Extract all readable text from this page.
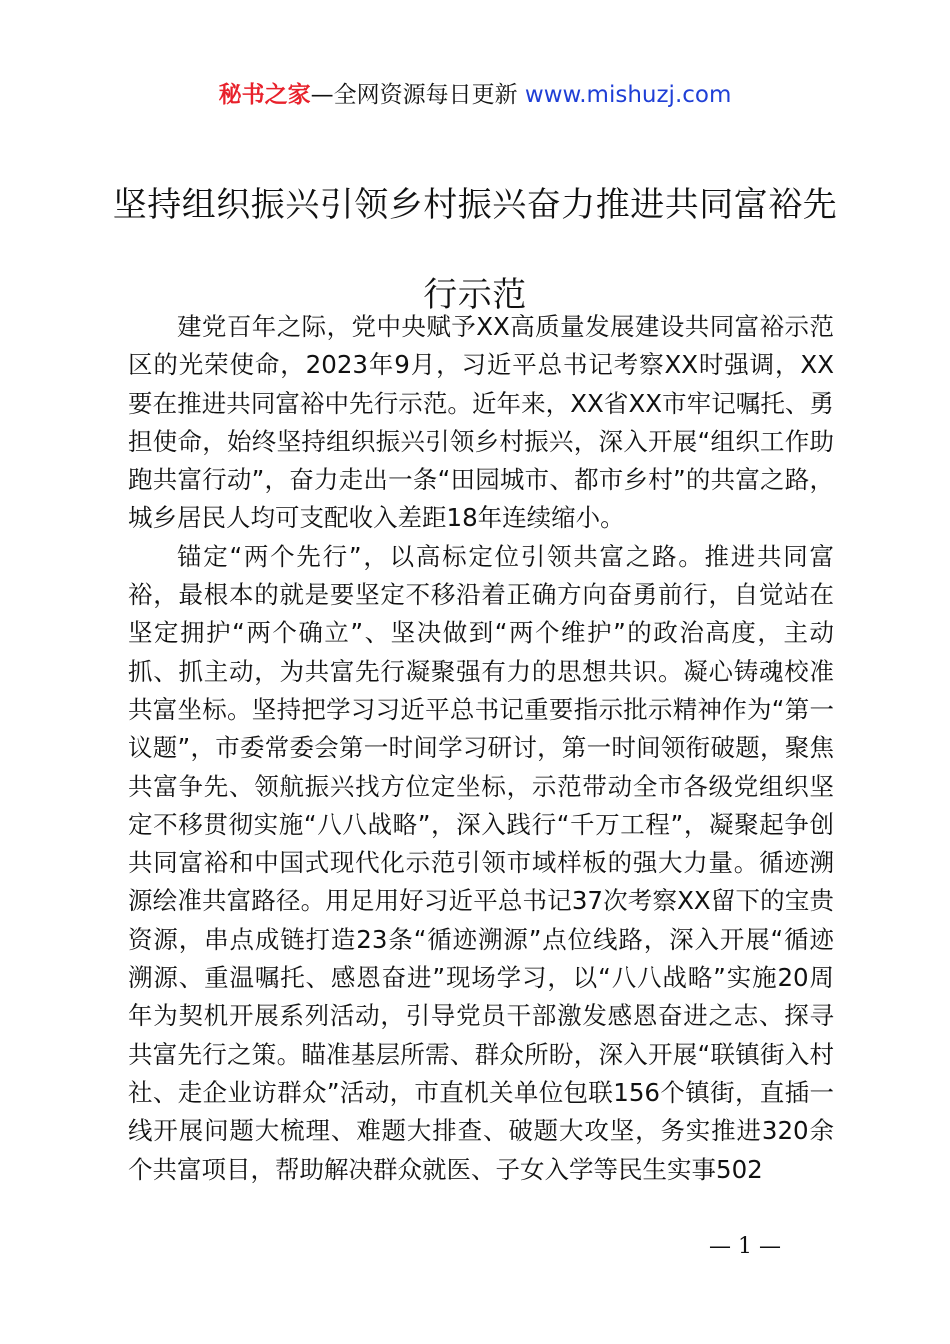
秘书之家—全网资源每日更新 www.mishuzj.com
坚持组织振兴引领乡村振兴奋力推进共同富裕先行示范

建党百年之际，党中央赋予XX高质量发展建设共同富裕示范区的光荣使命，2023年9月，习近平总书记考察XX时强调，XX要在推进共同富裕中先行示范。近年来，XX省XX市牢记嘱托、勇担使命，始终坚持组织振兴引领乡村振兴，深入开展“组织工作助跑共富行动”，奋力走出一条“田园城市、都市乡村”的共富之路，城乡居民人均可支配收入差距18年连续缩小。

锚定“两个先行”，以高标定位引领共富之路。推进共同富裕，最根本的就是要坚定不移沿着正确方向奋勇前行，自觉站在坚定拥护“两个确立”、坚决做到“两个维护”的政治高度，主动抓、抓主动，为共富先行凝聚强有力的思想共识。凝心铸魂校准共富坐标。坚持把学习习近平总书记重要指示批示精神作为“第一议题”，市委常委会第一时间学习研讨，第一时间领衔破题，聚焦共富争先、领航振兴找方位定坐标，示范带动全市各级党组织坚定不移贯彻实施“八八战略”，深入践行“千万工程”，凝聚起争创共同富裕和中国式现代化示范引领市域样板的强大力量。循迹溯源绘准共富路径。用足用好习近平总书记37次考察XX留下的宝贵资源，串点成链打造23条“循迹溯源”点位线路，深入开展“循迹溯源、重温嘱托、感恩奋进”现场学习，以“八八战略”实施20周年为契机开展系列活动，引导党员干部激发感恩奋进之志、探寻共富先行之策。瞄准基层所需、群众所盼，深入开展“联镇街入村社、走企业访群众”活动，市直机关单位包联156个镇街，直插一线开展问题大梳理、难题大排查、破题大攻坚，务实推进320余个共富项目，帮助解决群众就医、子女入学等民生实事502

— 1 —
